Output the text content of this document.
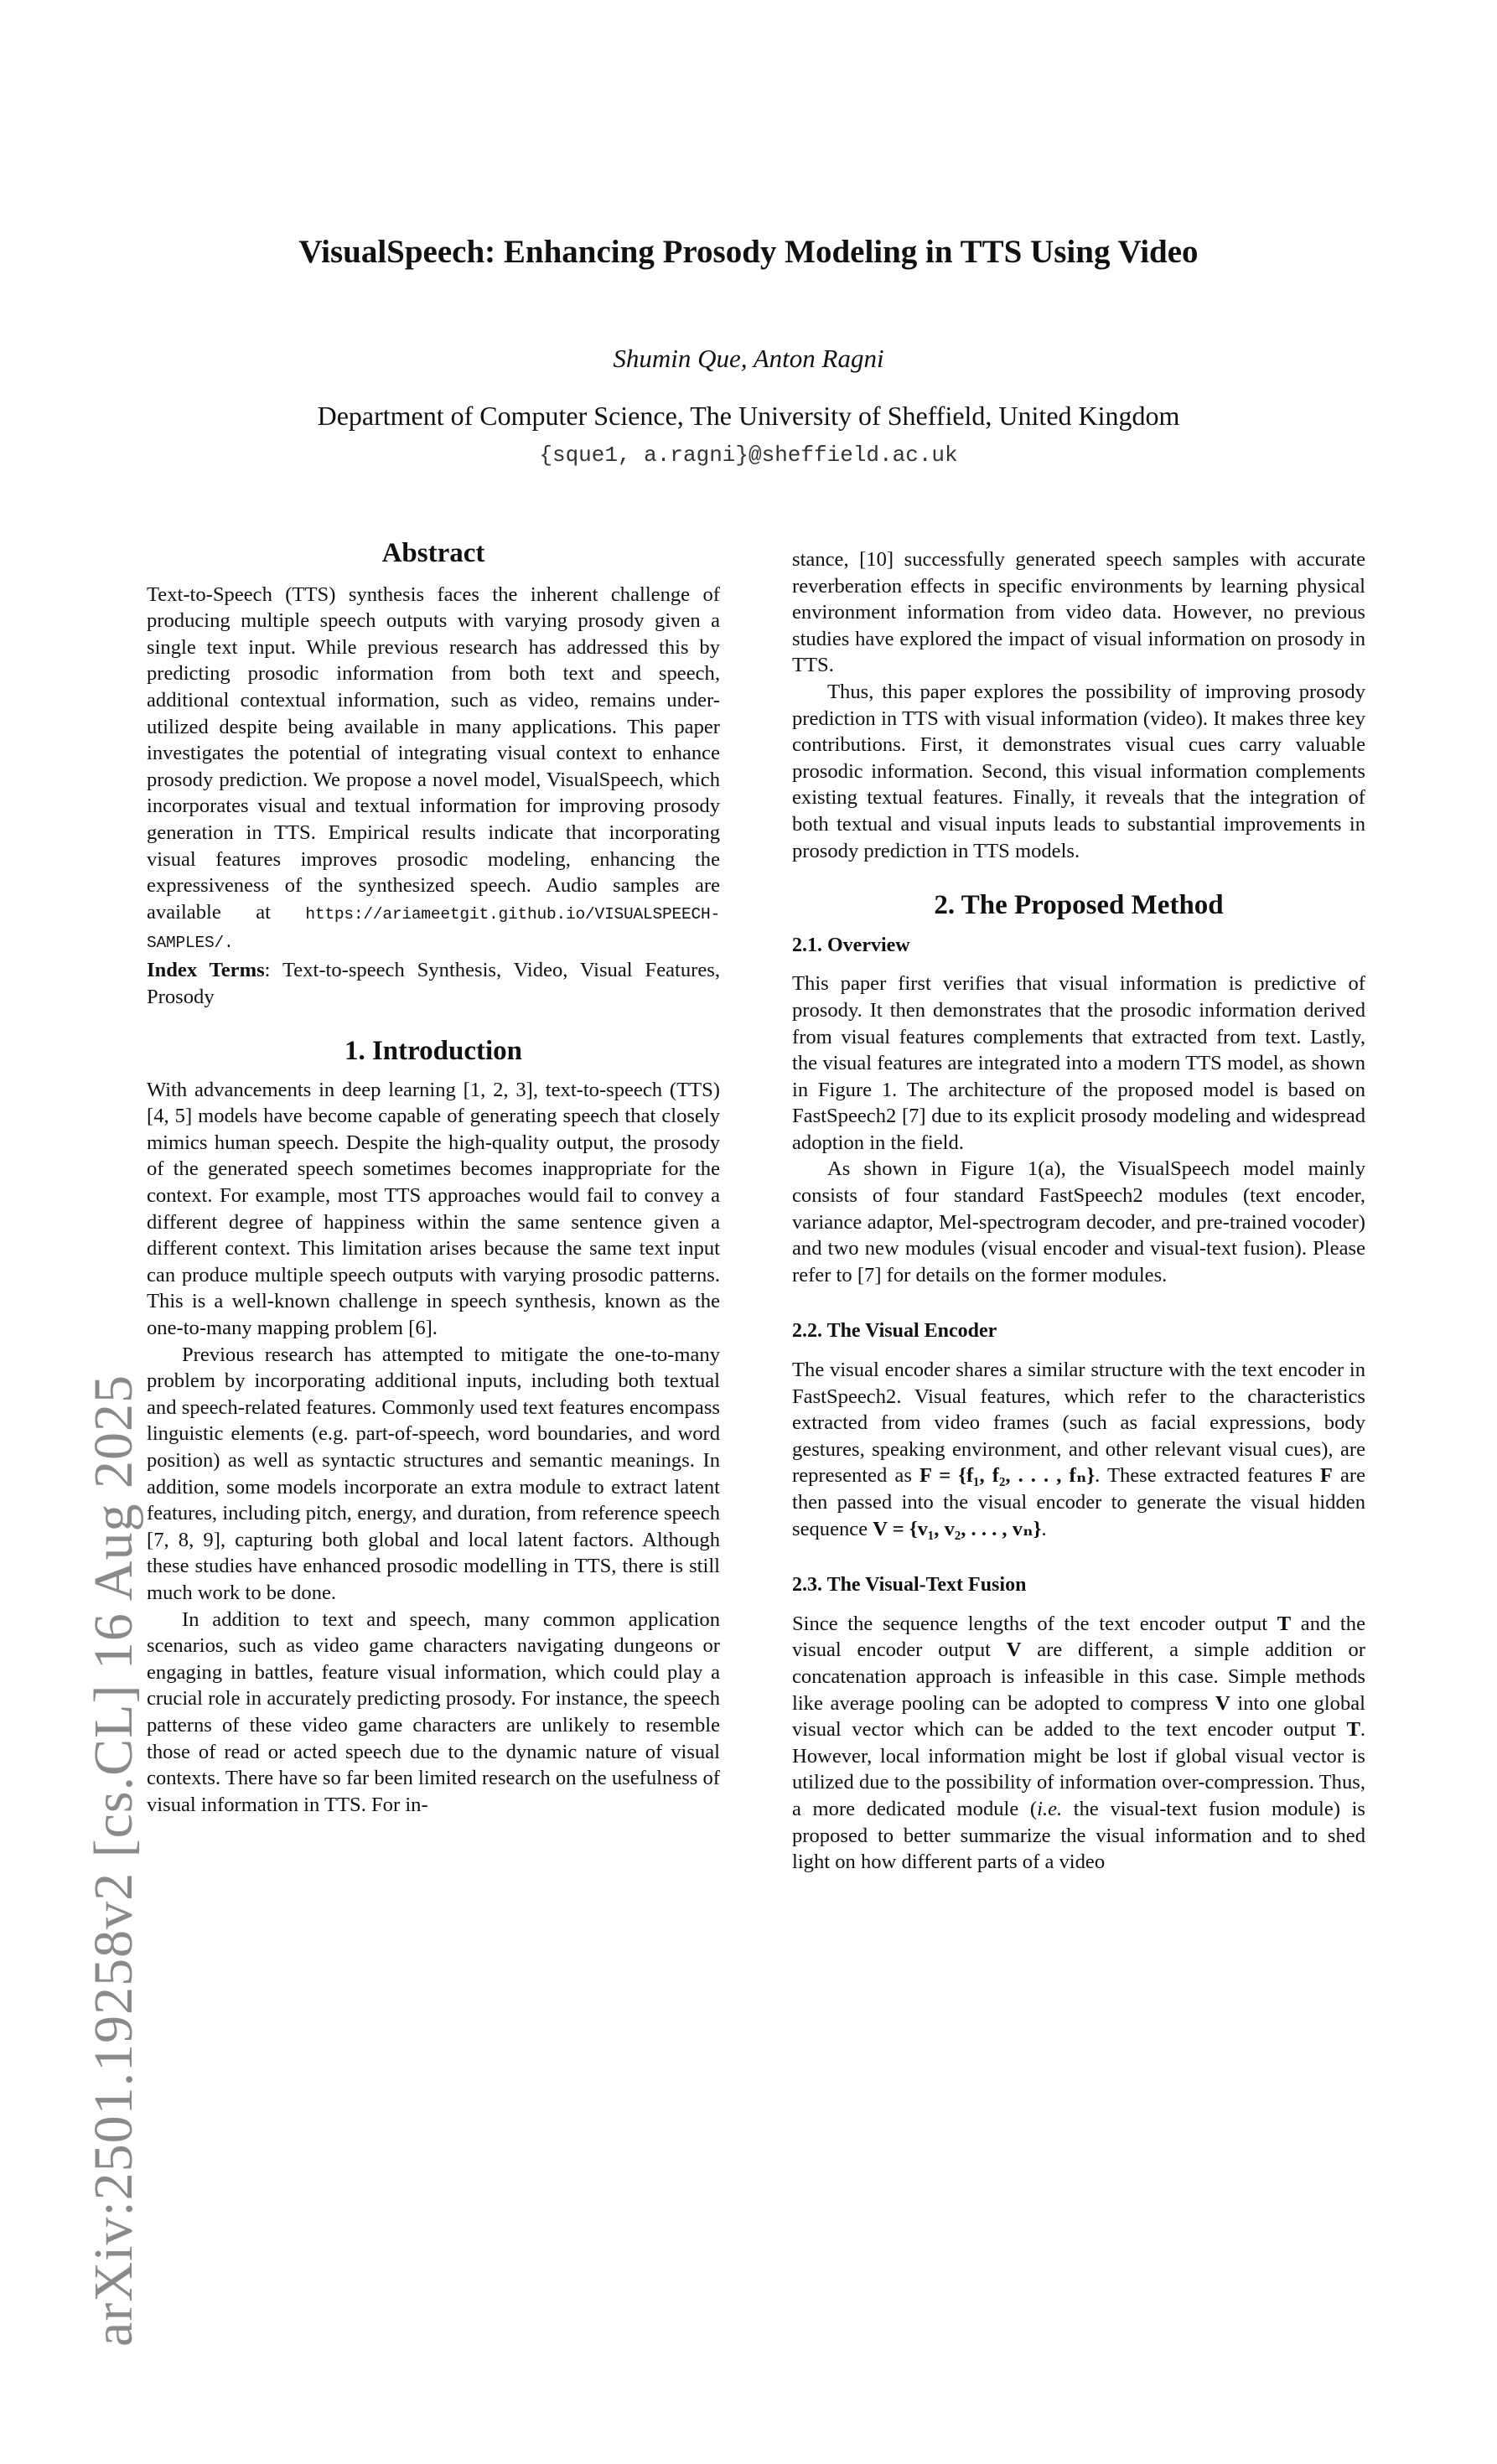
arXiv:2501.19258v2 [cs.CL] 16 Aug 2025
VisualSpeech: Enhancing Prosody Modeling in TTS Using Video
Shumin Que, Anton Ragni
Department of Computer Science, The University of Sheffield, United Kingdom
{sque1, a.ragni}@sheffield.ac.uk
Abstract

Text-to-Speech (TTS) synthesis faces the inherent challenge of producing multiple speech outputs with varying prosody given a single text input. While previous research has addressed this by predicting prosodic information from both text and speech, additional contextual information, such as video, remains under-utilized despite being available in many applications. This paper investigates the potential of integrating visual context to enhance prosody prediction. We propose a novel model, VisualSpeech, which incorporates visual and textual information for improving prosody generation in TTS. Empirical results indicate that incorporating visual features improves prosodic modeling, enhancing the expressiveness of the synthesized speech. Audio samples are available at https://ariameetgit.github.io/VISUALSPEECH-SAMPLES/.

Index Terms: Text-to-speech Synthesis, Video, Visual Features, Prosody

1. Introduction

With advancements in deep learning [1, 2, 3], text-to-speech (TTS) [4, 5] models have become capable of generating speech that closely mimics human speech. Despite the high-quality output, the prosody of the generated speech sometimes becomes inappropriate for the context. For example, most TTS approaches would fail to convey a different degree of happiness within the same sentence given a different context. This limitation arises because the same text input can produce multiple speech outputs with varying prosodic patterns. This is a well-known challenge in speech synthesis, known as the one-to-many mapping problem [6].

Previous research has attempted to mitigate the one-to-many problem by incorporating additional inputs, including both textual and speech-related features. Commonly used text features encompass linguistic elements (e.g. part-of-speech, word boundaries, and word position) as well as syntactic structures and semantic meanings. In addition, some models incorporate an extra module to extract latent features, including pitch, energy, and duration, from reference speech [7, 8, 9], capturing both global and local latent factors. Although these studies have enhanced prosodic modelling in TTS, there is still much work to be done.

In addition to text and speech, many common application scenarios, such as video game characters navigating dungeons or engaging in battles, feature visual information, which could play a crucial role in accurately predicting prosody. For instance, the speech patterns of these video game characters are unlikely to resemble those of read or acted speech due to the dynamic nature of visual contexts. There have so far been limited research on the usefulness of visual information in TTS. For in-

stance, [10] successfully generated speech samples with accurate reverberation effects in specific environments by learning physical environment information from video data. However, no previous studies have explored the impact of visual information on prosody in TTS.

Thus, this paper explores the possibility of improving prosody prediction in TTS with visual information (video). It makes three key contributions. First, it demonstrates visual cues carry valuable prosodic information. Second, this visual information complements existing textual features. Finally, it reveals that the integration of both textual and visual inputs leads to substantial improvements in prosody prediction in TTS models.

2. The Proposed Method
2.1. Overview

This paper first verifies that visual information is predictive of prosody. It then demonstrates that the prosodic information derived from visual features complements that extracted from text. Lastly, the visual features are integrated into a modern TTS model, as shown in Figure 1. The architecture of the proposed model is based on FastSpeech2 [7] due to its explicit prosody modeling and widespread adoption in the field.

As shown in Figure 1(a), the VisualSpeech model mainly consists of four standard FastSpeech2 modules (text encoder, variance adaptor, Mel-spectrogram decoder, and pre-trained vocoder) and two new modules (visual encoder and visual-text fusion). Please refer to [7] for details on the former modules.

2.2. The Visual Encoder

The visual encoder shares a similar structure with the text encoder in FastSpeech2. Visual features, which refer to the characteristics extracted from video frames (such as facial expressions, body gestures, speaking environment, and other relevant visual cues), are represented as F = {f₁, f₂, . . . , fₙ}. These extracted features F are then passed into the visual encoder to generate the visual hidden sequence V = {v₁, v₂, . . . , vₙ}.

2.3. The Visual-Text Fusion

Since the sequence lengths of the text encoder output T and the visual encoder output V are different, a simple addition or concatenation approach is infeasible in this case. Simple methods like average pooling can be adopted to compress V into one global visual vector which can be added to the text encoder output T. However, local information might be lost if global visual vector is utilized due to the possibility of information over-compression. Thus, a more dedicated module (i.e. the visual-text fusion module) is proposed to better summarize the visual information and to shed light on how different parts of a video
